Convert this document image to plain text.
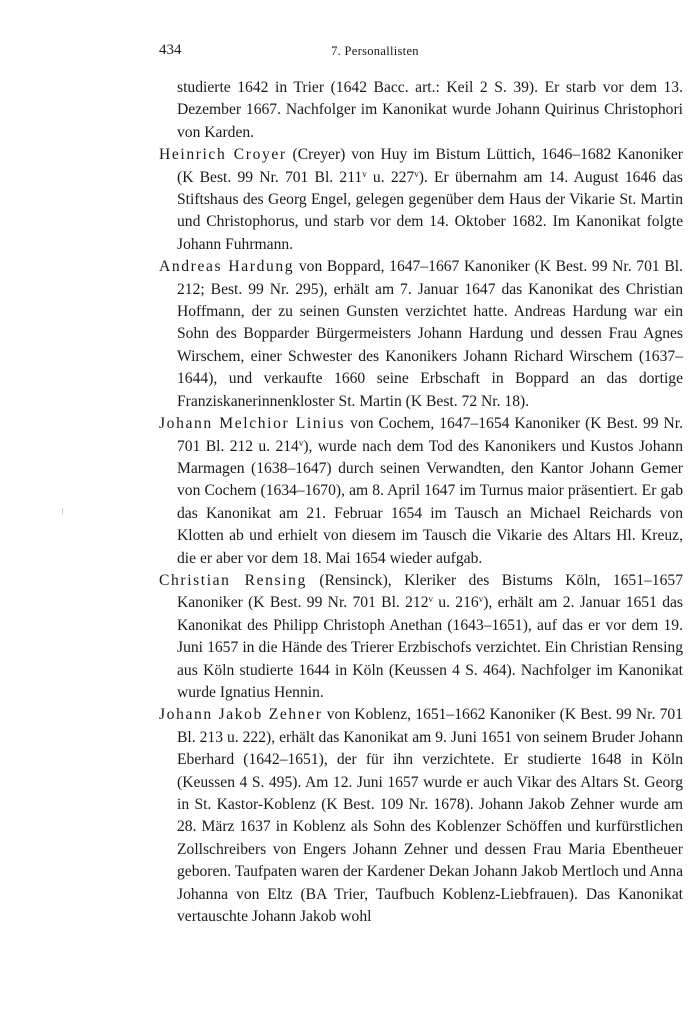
434	7. Personallisten

studierte 1642 in Trier (1642 Bacc. art.: Keil 2 S. 39). Er starb vor dem 13. Dezember 1667. Nachfolger im Kanonikat wurde Johann Quirinus Christophori von Karden.

Heinrich Croyer (Creyer) von Huy im Bistum Lüttich, 1646–1682 Kanoniker (K Best. 99 Nr. 701 Bl. 211$^v$ u. 227$^v$). Er übernahm am 14. August 1646 das Stiftshaus des Georg Engel, gelegen gegenüber dem Haus der Vikarie St. Martin und Christophorus, und starb vor dem 14. Oktober 1682. Im Kanonikat folgte Johann Fuhrmann.

Andreas Hardung von Boppard, 1647–1667 Kanoniker (K Best. 99 Nr. 701 Bl. 212; Best. 99 Nr. 295), erhält am 7. Januar 1647 das Kanonikat des Christian Hoffmann, der zu seinen Gunsten verzichtet hatte. Andreas Hardung war ein Sohn des Bopparder Bürgermeisters Johann Hardung und dessen Frau Agnes Wirschem, einer Schwester des Kanonikers Johann Richard Wirschem (1637–1644), und verkaufte 1660 seine Erbschaft in Boppard an das dortige Franziskanerinnenkloster St. Martin (K Best. 72 Nr. 18).

Johann Melchior Linius von Cochem, 1647–1654 Kanoniker (K Best. 99 Nr. 701 Bl. 212 u. 214$^v$), wurde nach dem Tod des Kanonikers und Kustos Johann Marmagen (1638–1647) durch seinen Verwandten, den Kantor Johann Gemer von Cochem (1634–1670), am 8. April 1647 im Turnus maior präsentiert. Er gab das Kanonikat am 21. Februar 1654 im Tausch an Michael Reichards von Klotten ab und erhielt von diesem im Tausch die Vikarie des Altars Hl. Kreuz, die er aber vor dem 18. Mai 1654 wieder aufgab.

Christian Rensing (Rensinck), Kleriker des Bistums Köln, 1651–1657 Kanoniker (K Best. 99 Nr. 701 Bl. 212$^v$ u. 216$^v$), erhält am 2. Januar 1651 das Kanonikat des Philipp Christoph Anethan (1643–1651), auf das er vor dem 19. Juni 1657 in die Hände des Trierer Erzbischofs verzichtet. Ein Christian Rensing aus Köln studierte 1644 in Köln (Keussen 4 S. 464). Nachfolger im Kanonikat wurde Ignatius Hennin.

Johann Jakob Zehner von Koblenz, 1651–1662 Kanoniker (K Best. 99 Nr. 701 Bl. 213 u. 222), erhält das Kanonikat am 9. Juni 1651 von seinem Bruder Johann Eberhard (1642–1651), der für ihn verzichtete. Er studierte 1648 in Köln (Keussen 4 S. 495). Am 12. Juni 1657 wurde er auch Vikar des Altars St. Georg in St. Kastor-Koblenz (K Best. 109 Nr. 1678). Johann Jakob Zehner wurde am 28. März 1637 in Koblenz als Sohn des Koblenzer Schöffen und kurfürstlichen Zollschreibers von Engers Johann Zehner und dessen Frau Maria Ebentheuer geboren. Taufpaten waren der Kardener Dekan Johann Jakob Mertloch und Anna Johanna von Eltz (BA Trier, Taufbuch Koblenz-Liebfrauen). Das Kanonikat vertauschte Johann Jakob wohl
